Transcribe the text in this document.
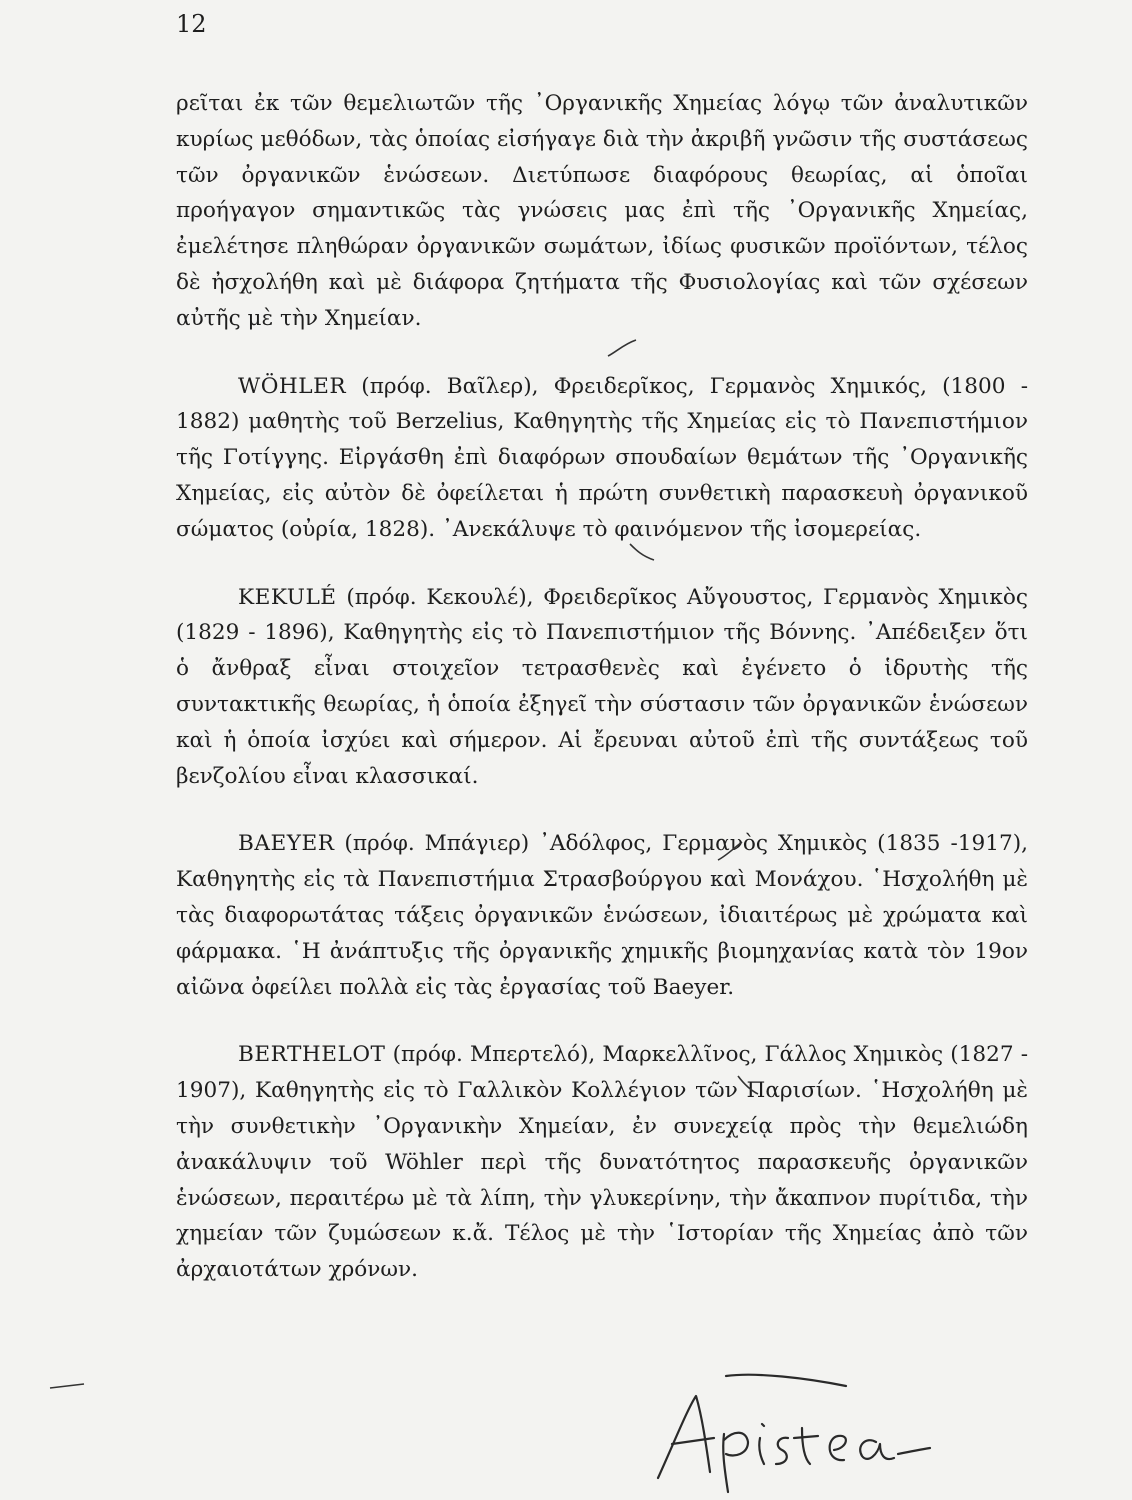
12

ρεῖται ἐκ τῶν θεμελιωτῶν τῆς ᾿Οργανικῆς Χημείας λόγῳ τῶν ἀναλυτικῶν κυρίως μεθόδων, τὰς ὁποίας εἰσήγαγε διὰ τὴν ἀκριβῆ γνῶσιν τῆς συστάσεως τῶν ὀργανικῶν ἑνώσεων. Διετύπωσε διαφόρους θεωρίας, αἱ ὁποῖαι προήγαγον σημαντικῶς τὰς γνώσεις μας ἐπὶ τῆς ᾿Οργανικῆς Χημείας, ἐμελέτησε πληθώραν ὀργανικῶν σωμάτων, ἰδίως φυσικῶν προϊόντων, τέλος δὲ ἠσχολήθη καὶ μὲ διάφορα ζητήματα τῆς Φυσιολογίας καὶ τῶν σχέσεων αὐτῆς μὲ τὴν Χημείαν.

WÖHLER (πρόφ. Βαῖλερ), Φρειδερῖκος, Γερμανὸς Χημικός, (1800 - 1882) μαθητὴς τοῦ Berzelius, Καθηγητὴς τῆς Χημείας εἰς τὸ Πανεπιστήμιον τῆς Γοτίγγης. Εἰργάσθη ἐπὶ διαφόρων σπουδαίων θεμάτων τῆς ᾿Οργανικῆς Χημείας, εἰς αὐτὸν δὲ ὀφείλεται ἡ πρώτη συνθετικὴ παρασκευὴ ὀργανικοῦ σώματος (οὐρία, 1828). ᾿Ανεκάλυψε τὸ φαινόμενον τῆς ἰσομερείας.

KEKULÉ (πρόφ. Κεκουλέ), Φρειδερῖκος Αὔγουστος, Γερμανὸς Χημικὸς (1829 - 1896), Καθηγητὴς εἰς τὸ Πανεπιστήμιον τῆς Βόννης. ᾿Απέδειξεν ὅτι ὁ ἄνθραξ εἶναι στοιχεῖον τετρασθενὲς καὶ ἐγένετο ὁ ἱδρυτὴς τῆς συντακτικῆς θεωρίας, ἡ ὁποία ἐξηγεῖ τὴν σύστασιν τῶν ὀργανικῶν ἑνώσεων καὶ ἡ ὁποία ἰσχύει καὶ σήμερον. Αἱ ἔρευναι αὐτοῦ ἐπὶ τῆς συντάξεως τοῦ βενζολίου εἶναι κλασσικαί.

BAEYER (πρόφ. Μπάγιερ) ᾿Αδόλφος, Γερμανὸς Χημικὸς (1835 -1917), Καθηγητὴς εἰς τὰ Πανεπιστήμια Στρασβούργου καὶ Μονάχου. ῾Ησχολήθη μὲ τὰς διαφορωτάτας τάξεις ὀργανικῶν ἑνώσεων, ἰδιαιτέρως μὲ χρώματα καὶ φάρμακα. ῾Η ἀνάπτυξις τῆς ὀργανικῆς χημικῆς βιομηχανίας κατὰ τὸν 19ον αἰῶνα ὀφείλει πολλὰ εἰς τὰς ἐργασίας τοῦ Baeyer.

BERTHELOT (πρόφ. Μπερτελό), Μαρκελλῖνος, Γάλλος Χημικὸς (1827 - 1907), Καθηγητὴς εἰς τὸ Γαλλικὸν Κολλέγιον τῶν Παρισίων. ῾Ησχολήθη μὲ τὴν συνθετικὴν ᾿Οργανικὴν Χημείαν, ἐν συνεχείᾳ πρὸς τὴν θεμελιώδη ἀνακάλυψιν τοῦ Wöhler περὶ τῆς δυνατότητος παρασκευῆς ὀργανικῶν ἑνώσεων, περαιτέρω μὲ τὰ λίπη, τὴν γλυκερίνην, τὴν ἄκαπνον πυρίτιδα, τὴν χημείαν τῶν ζυμώσεων κ.ἄ. Τέλος μὲ τὴν ῾Ιστορίαν τῆς Χημείας ἀπὸ τῶν ἀρχαιοτάτων χρόνων.
